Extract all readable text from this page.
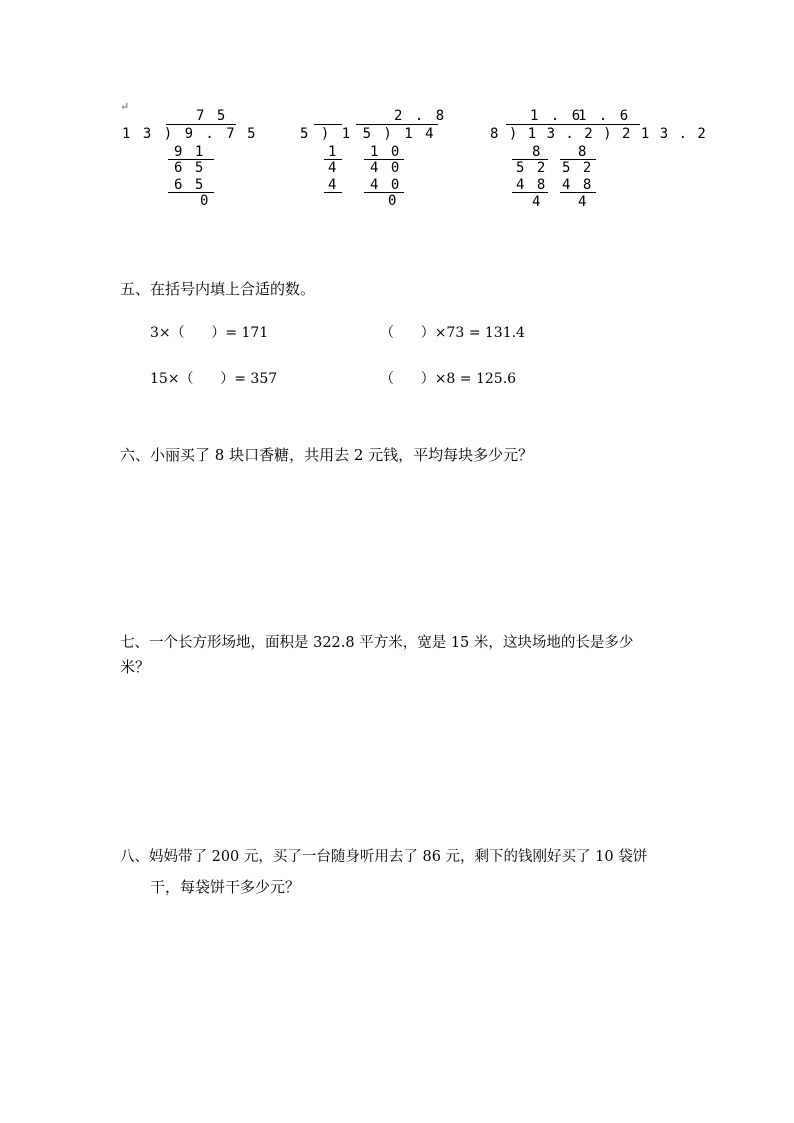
↵
7 5
1 3 ) 9 . 7 5
9 1
6 5
6 5
0
2 . 8
5 ) 1 5 ) 1 4
1
4
4
1 0
4 0
4 0
0
1 . 6
1 . 6
8 ) 1 3 . 2 ) 2 1 3 . 2
8	8
5 2 5 2
4 8 4 8
4	4
五、在括号内填上合适的数。
3×（      ）= 171	（      ）×73 = 131.4
15×（      ）= 357	（      ）×8 = 125.6
六、小丽买了 8 块口香糖，共用去 2 元钱，平均每块多少元？
七、一个长方形场地，面积是 322.8 平方米，宽是 15 米，这块场地的长是多少
米？
八、妈妈带了 200 元，买了一台随身听用去了 86 元，剩下的钱刚好买了 10 袋饼
干，每袋饼干多少元？
